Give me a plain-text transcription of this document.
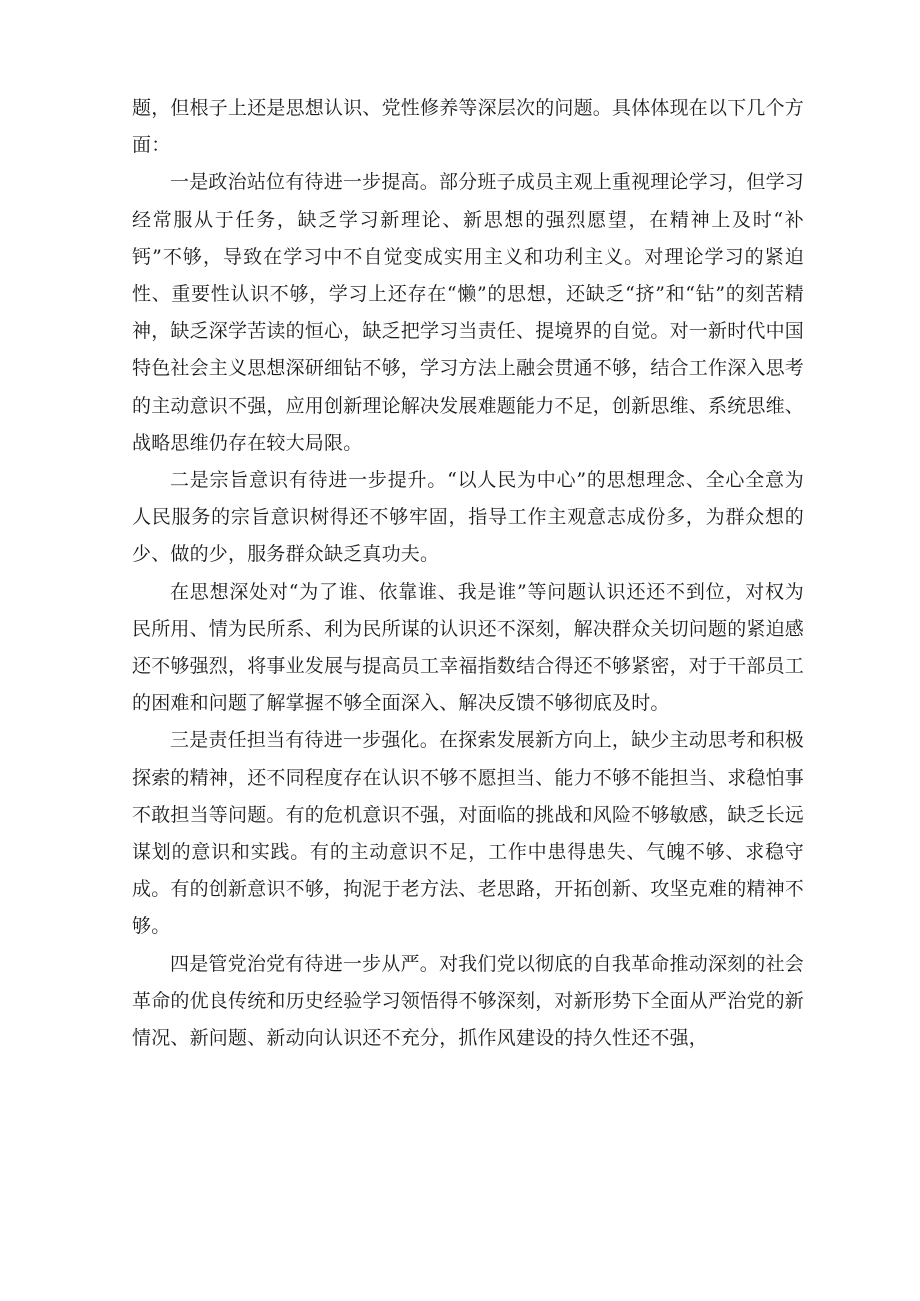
题，但根子上还是思想认识、党性修养等深层次的问题。具体体现在以下几个方面：

一是政治站位有待进一步提高。部分班子成员主观上重视理论学习，但学习经常服从于任务，缺乏学习新理论、新思想的强烈愿望，在精神上及时“补钙”不够，导致在学习中不自觉变成实用主义和功利主义。对理论学习的紧迫性、重要性认识不够，学习上还存在“懒”的思想，还缺乏“挤”和“钻”的刻苦精神，缺乏深学苦读的恒心，缺乏把学习当责任、提境界的自觉。对一新时代中国特色社会主义思想深研细钻不够，学习方法上融会贯通不够，结合工作深入思考的主动意识不强，应用创新理论解决发展难题能力不足，创新思维、系统思维、战略思维仍存在较大局限。

二是宗旨意识有待进一步提升。“以人民为中心”的思想理念、全心全意为人民服务的宗旨意识树得还不够牢固，指导工作主观意志成份多，为群众想的少、做的少，服务群众缺乏真功夫。

在思想深处对“为了谁、依靠谁、我是谁”等问题认识还还不到位，对权为民所用、情为民所系、利为民所谋的认识还不深刻，解决群众关切问题的紧迫感还不够强烈，将事业发展与提高员工幸福指数结合得还不够紧密，对于干部员工的困难和问题了解掌握不够全面深入、解决反馈不够彻底及时。

三是责任担当有待进一步强化。在探索发展新方向上，缺少主动思考和积极探索的精神，还不同程度存在认识不够不愿担当、能力不够不能担当、求稳怕事不敢担当等问题。有的危机意识不强，对面临的挑战和风险不够敏感，缺乏长远谋划的意识和实践。有的主动意识不足，工作中患得患失、气魄不够、求稳守成。有的创新意识不够，拘泥于老方法、老思路，开拓创新、攻坚克难的精神不够。

四是管党治党有待进一步从严。对我们党以彻底的自我革命推动深刻的社会革命的优良传统和历史经验学习领悟得不够深刻，对新形势下全面从严治党的新情况、新问题、新动向认识还不充分，抓作风建设的持久性还不强，
